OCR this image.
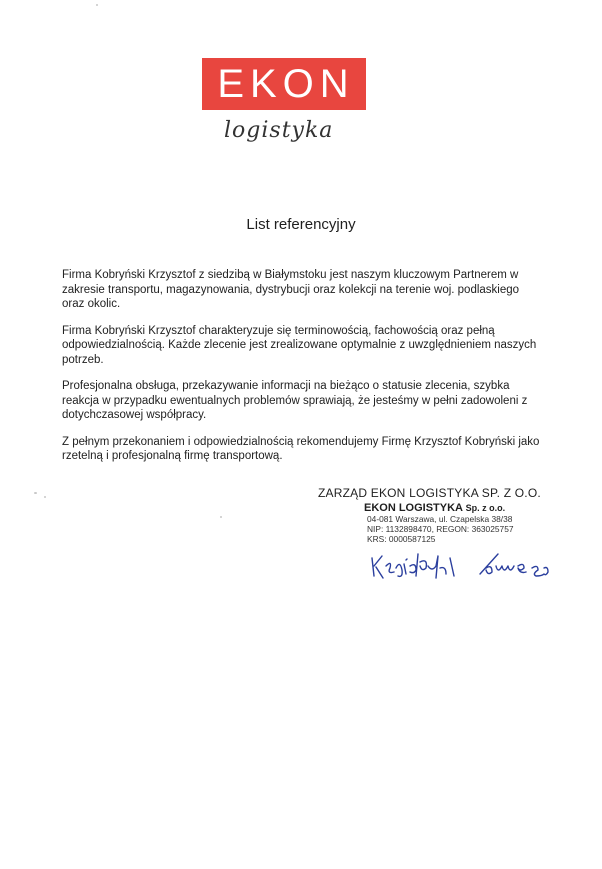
EKON
logistyka
List referencyjny

Firma Kobryński Krzysztof z siedzibą w Białymstoku jest naszym kluczowym Partnerem w zakresie transportu, magazynowania, dystrybucji oraz kolekcji na terenie woj. podlaskiego oraz okolic.

Firma Kobryński Krzysztof charakteryzuje się terminowością, fachowością oraz pełną odpowiedzialnością. Każde zlecenie jest zrealizowane optymalnie z uwzględnieniem naszych potrzeb.

Profesjonalna obsługa, przekazywanie informacji na bieżąco o statusie zlecenia, szybka reakcja w przypadku ewentualnych problemów sprawiają, że jesteśmy w pełni zadowoleni z dotychczasowej współpracy.

Z pełnym przekonaniem i odpowiedzialnością rekomendujemy Firmę Krzysztof Kobryński jako rzetelną i profesjonalną firmę transportową.

ZARZĄD EKON LOGISTYKA SP. Z O.O.
EKON LOGISTYKA Sp. z o.o.
04-081 Warszawa, ul. Czapelska 38/38
NIP: 1132898470, REGON: 363025757
KRS: 0000587125
